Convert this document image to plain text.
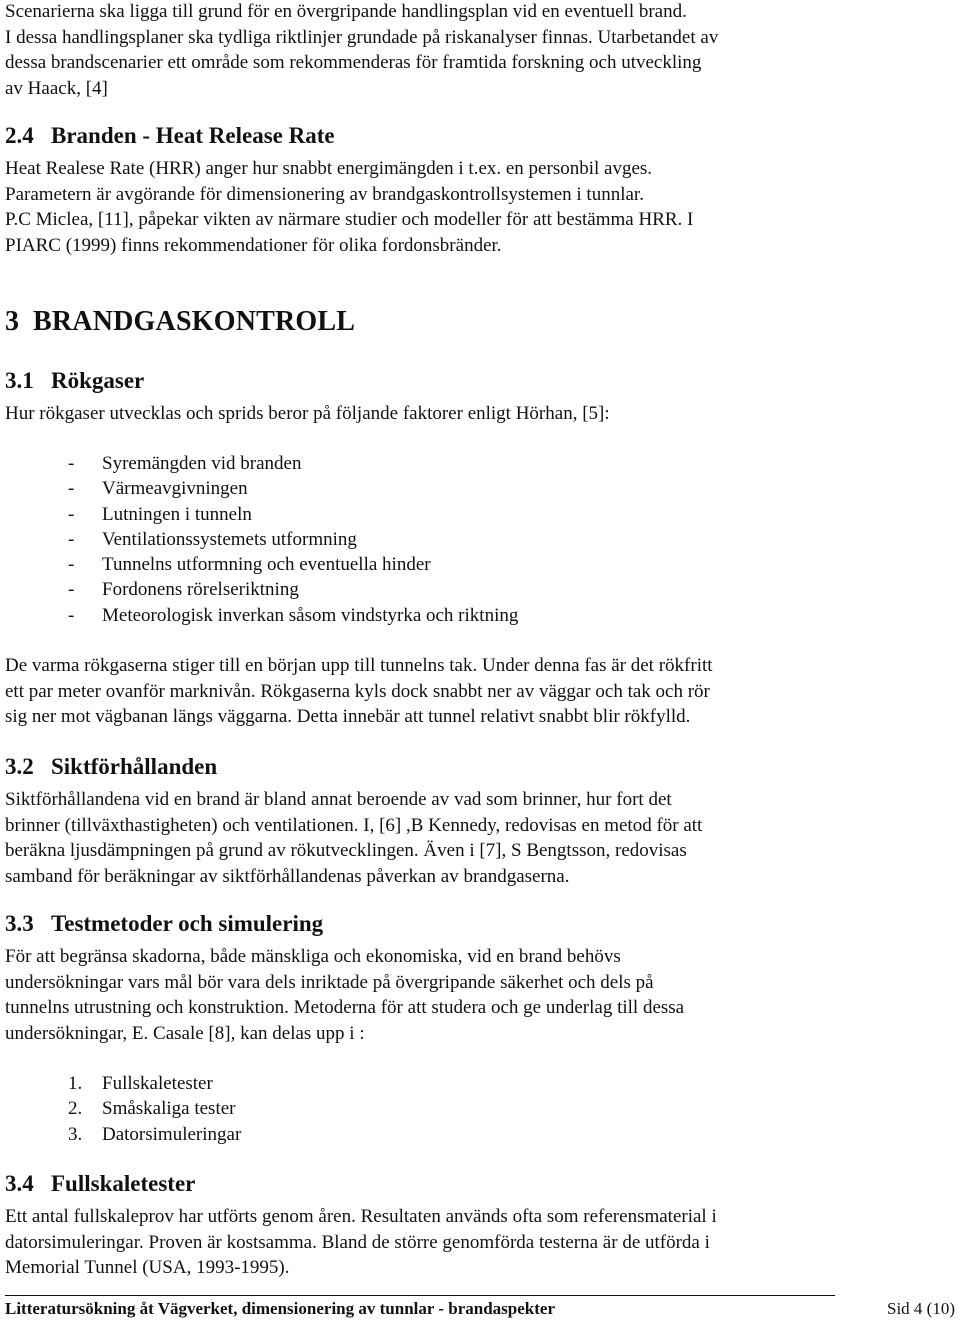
Scenarierna ska ligga till grund för en övergripande handlingsplan vid en eventuell brand.

I dessa handlingsplaner ska tydliga riktlinjer grundade på riskanalyser finnas. Utarbetandet av

dessa brandscenarier ett område som rekommenderas för framtida forskning och utveckling

av Haack, [4]

2.4 Branden - Heat Release Rate

Heat Realese Rate (HRR) anger hur snabbt energimängden i t.ex. en personbil avges.

Parametern är avgörande för dimensionering av brandgaskontrollsystemen i tunnlar.

P.C Miclea, [11], påpekar vikten av närmare studier och modeller för att bestämma HRR. I

PIARC (1999) finns rekommendationer för olika fordonsbränder.

3 BRANDGASKONTROLL
3.1 Rökgaser

Hur rökgaser utvecklas och sprids beror på följande faktorer enligt Hörhan, [5]:

- Syremängden vid branden
- Värmeavgivningen
- Lutningen i tunneln
- Ventilationssystemets utformning
- Tunnelns utformning och eventuella hinder
- Fordonens rörelseriktning
- Meteorologisk inverkan såsom vindstyrka och riktning

De varma rökgaserna stiger till en början upp till tunnelns tak. Under denna fas är det rökfritt

ett par meter ovanför marknivån. Rökgaserna kyls dock snabbt ner av väggar och tak och rör

sig ner mot vägbanan längs väggarna. Detta innebär att tunnel relativt snabbt blir rökfylld.

3.2 Siktförhållanden

Siktförhållandena vid en brand är bland annat beroende av vad som brinner, hur fort det

brinner (tillväxthastigheten) och ventilationen. I, [6] ,B Kennedy, redovisas en metod för att

beräkna ljusdämpningen på grund av rökutvecklingen. Även i [7], S Bengtsson, redovisas

samband för beräkningar av siktförhållandenas påverkan av brandgaserna.

3.3 Testmetoder och simulering

För att begränsa skadorna, både mänskliga och ekonomiska, vid en brand behövs

undersökningar vars mål bör vara dels inriktade på övergripande säkerhet och dels på

tunnelns utrustning och konstruktion. Metoderna för att studera och ge underlag till dessa

undersökningar, E. Casale [8], kan delas upp i :

1. Fullskaletester
2. Småskaliga tester
3. Datorsimuleringar
3.4 Fullskaletester

Ett antal fullskaleprov har utförts genom åren. Resultaten används ofta som referensmaterial i

datorsimuleringar. Proven är kostsamma. Bland de större genomförda testerna är de utförda i

Memorial Tunnel (USA, 1993-1995).

Litteratursökning åt Vägverket, dimensionering av tunnlar - brandaspekter	Sid 4 (10)
